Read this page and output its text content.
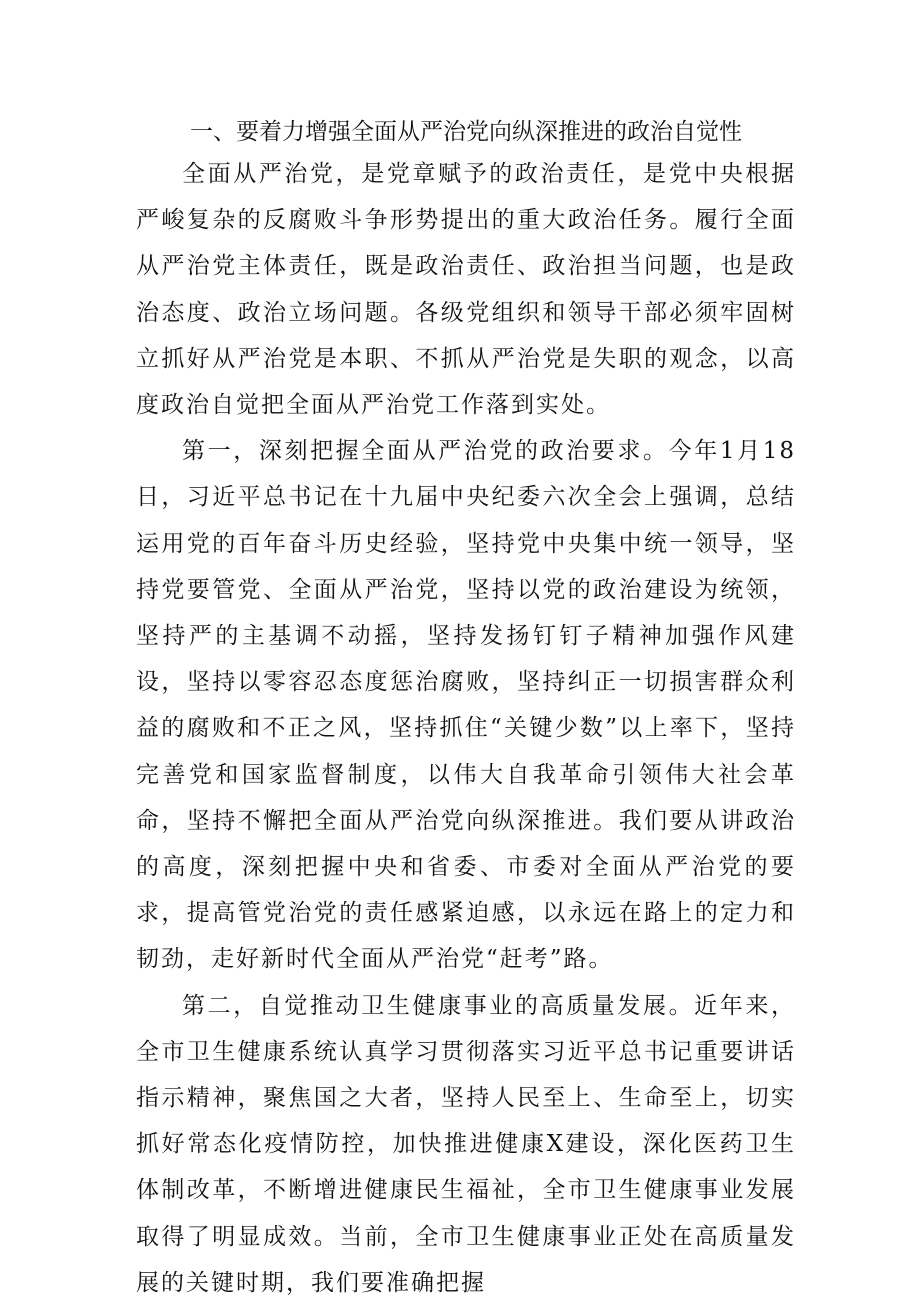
一、要着力增强全面从严治党向纵深推进的政治自觉性

全面从严治党，是党章赋予的政治责任，是党中央根据严峻复杂的反腐败斗争形势提出的重大政治任务。履行全面从严治党主体责任，既是政治责任、政治担当问题，也是政治态度、政治立场问题。各级党组织和领导干部必须牢固树立抓好从严治党是本职、不抓从严治党是失职的观念，以高度政治自觉把全面从严治党工作落到实处。

第一，深刻把握全面从严治党的政治要求。今年1月18日，习近平总书记在十九届中央纪委六次全会上强调，总结运用党的百年奋斗历史经验，坚持党中央集中统一领导，坚持党要管党、全面从严治党，坚持以党的政治建设为统领，坚持严的主基调不动摇，坚持发扬钉钉子精神加强作风建设，坚持以零容忍态度惩治腐败，坚持纠正一切损害群众利益的腐败和不正之风，坚持抓住“关键少数”以上率下，坚持完善党和国家监督制度，以伟大自我革命引领伟大社会革命，坚持不懈把全面从严治党向纵深推进。我们要从讲政治的高度，深刻把握中央和省委、市委对全面从严治党的要求，提高管党治党的责任感紧迫感，以永远在路上的定力和韧劲，走好新时代全面从严治党“赶考”路。

第二，自觉推动卫生健康事业的高质量发展。近年来，全市卫生健康系统认真学习贯彻落实习近平总书记重要讲话指示精神，聚焦国之大者，坚持人民至上、生命至上，切实抓好常态化疫情防控，加快推进健康X建设，深化医药卫生体制改革，不断增进健康民生福祉，全市卫生健康事业发展取得了明显成效。当前，全市卫生健康事业正处在高质量发展的关键时期，我们要准确把握
